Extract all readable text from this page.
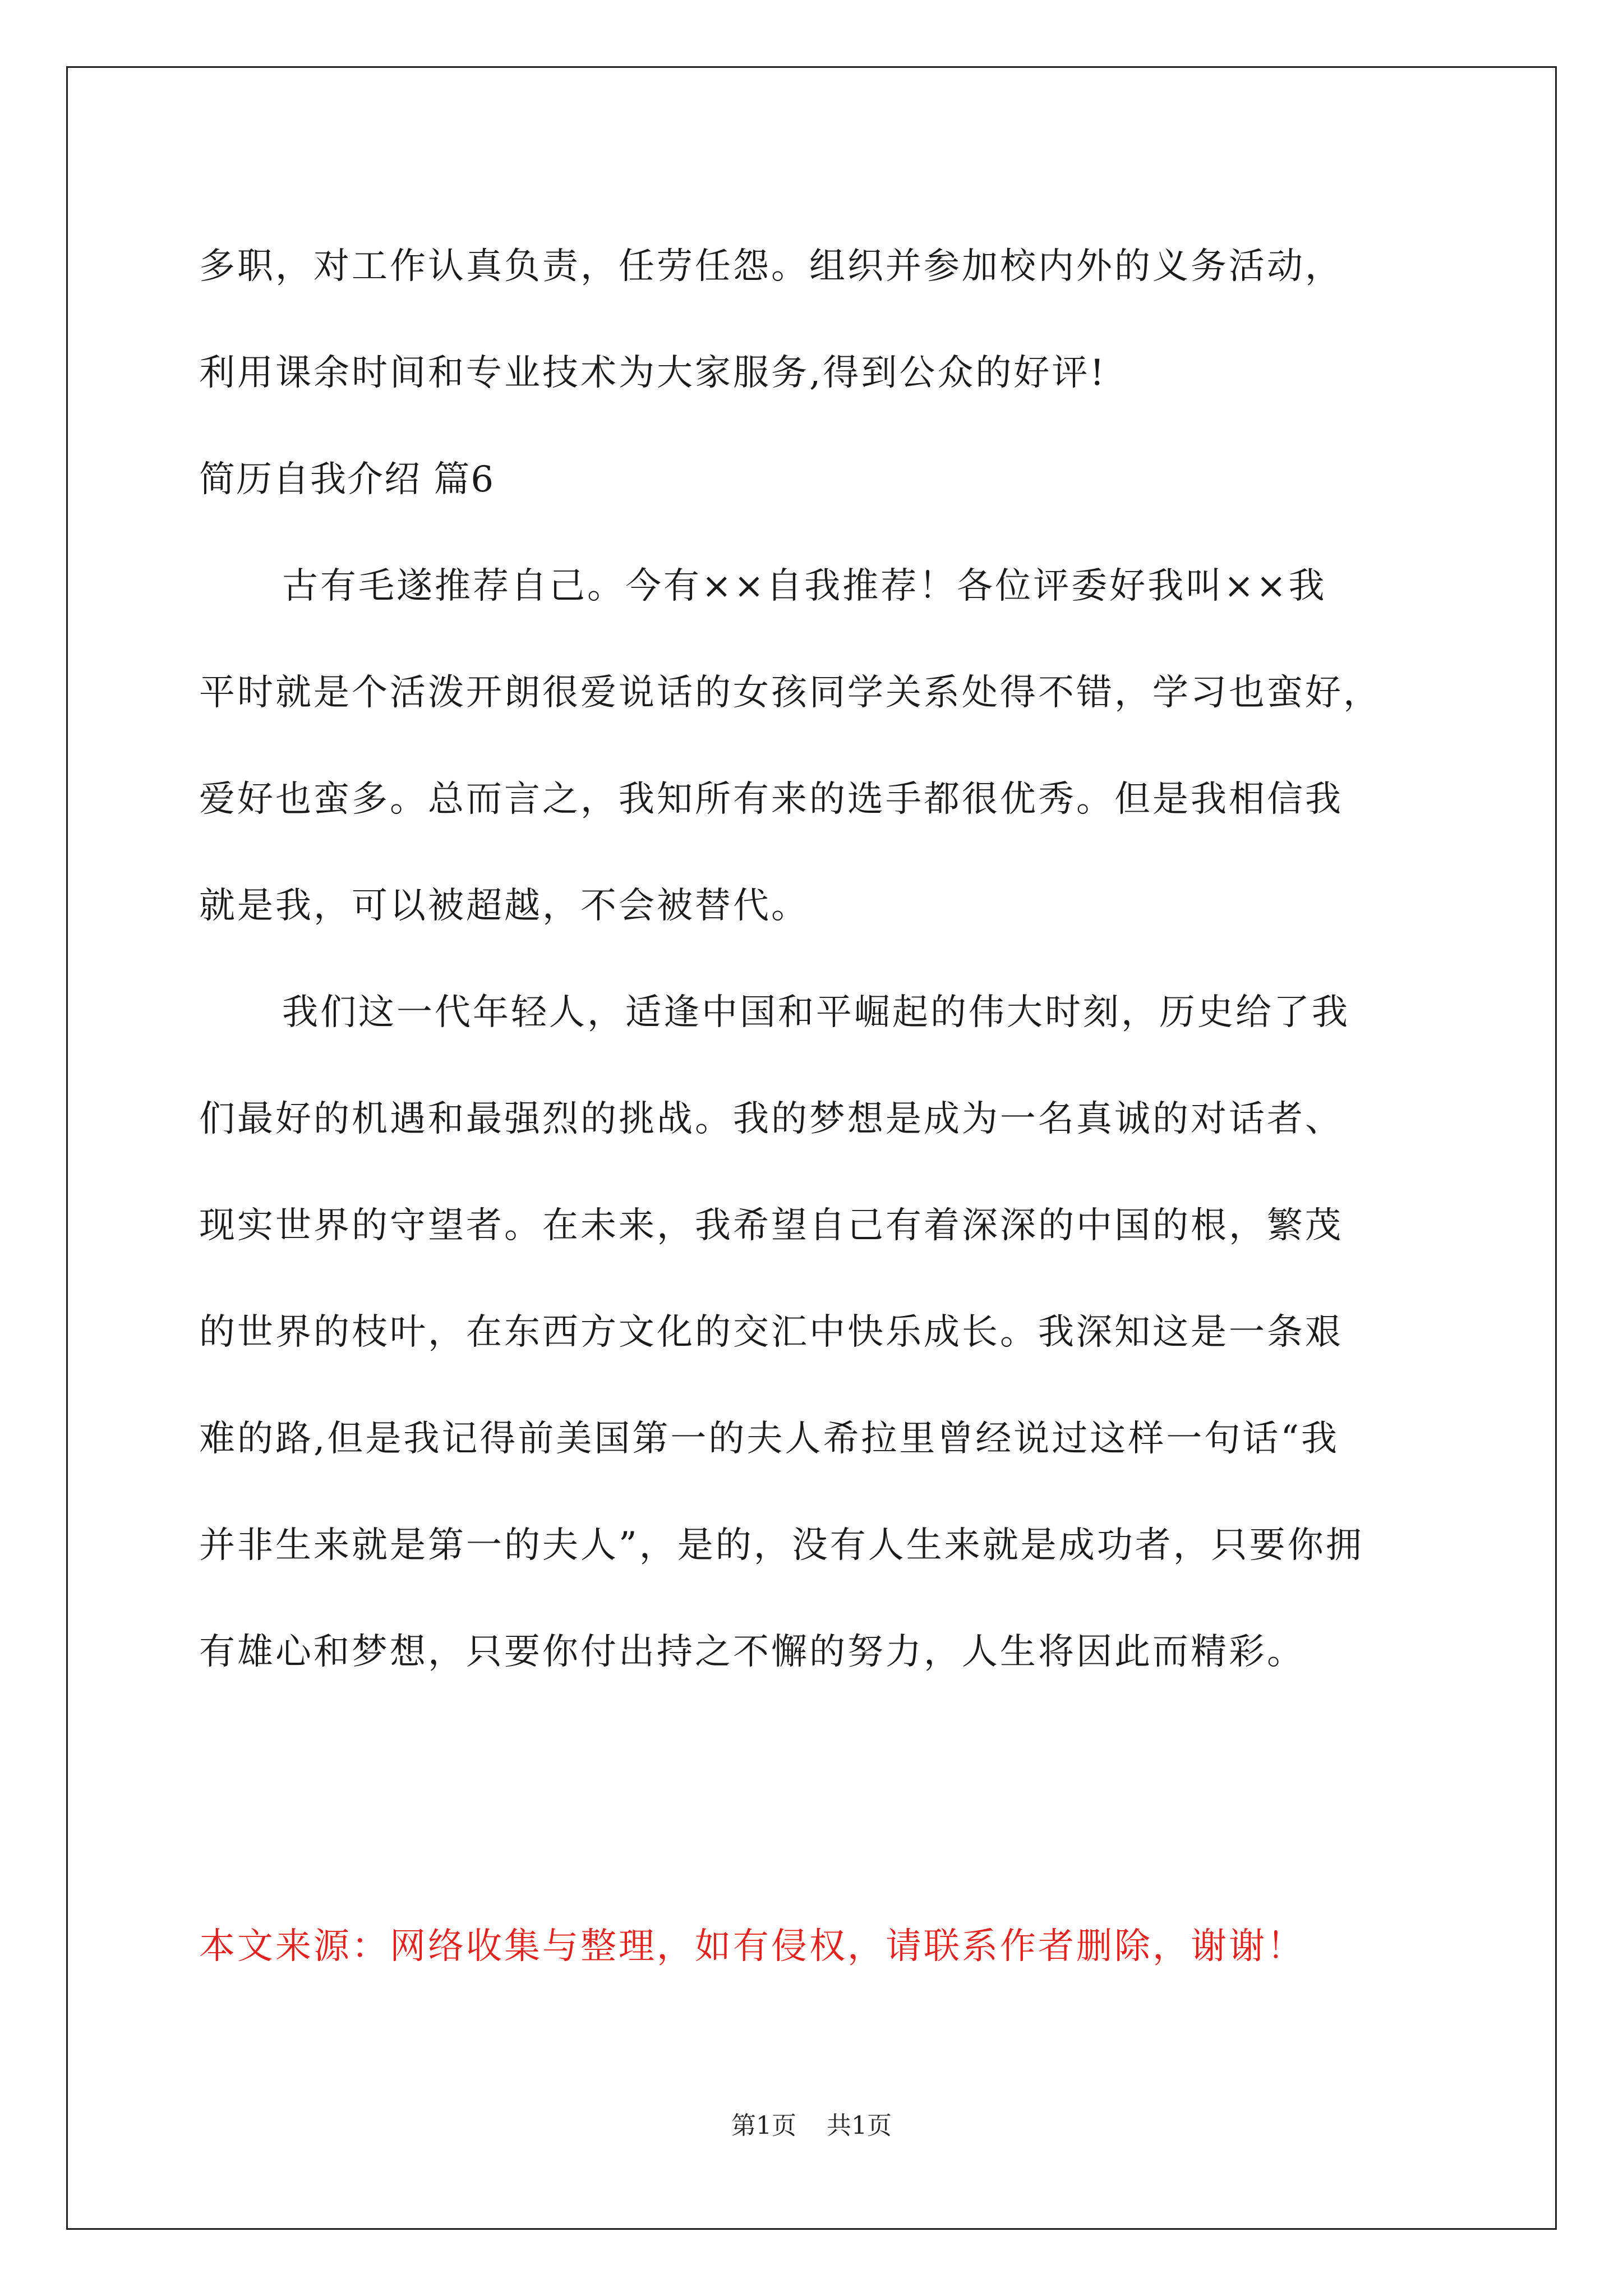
多职，对工作认真负责，任劳任怨。组织并参加校内外的义务活动，
利用课余时间和专业技术为大家服务,得到公众的好评!
简历自我介绍 篇6
古有毛遂推荐自己。今有××自我推荐！各位评委好我叫××我
平时就是个活泼开朗很爱说话的女孩同学关系处得不错，学习也蛮好，
爱好也蛮多。总而言之，我知所有来的选手都很优秀。但是我相信我
就是我，可以被超越，不会被替代。
我们这一代年轻人，适逢中国和平崛起的伟大时刻，历史给了我
们最好的机遇和最强烈的挑战。我的梦想是成为一名真诚的对话者、
现实世界的守望者。在未来，我希望自己有着深深的中国的根，繁茂
的世界的枝叶，在东西方文化的交汇中快乐成长。我深知这是一条艰
难的路,但是我记得前美国第一的夫人希拉里曾经说过这样一句话“我
并非生来就是第一的夫人”，是的，没有人生来就是成功者，只要你拥
有雄心和梦想，只要你付出持之不懈的努力，人生将因此而精彩。
本文来源：网络收集与整理，如有侵权，请联系作者删除，谢谢！
第1页 共1页
